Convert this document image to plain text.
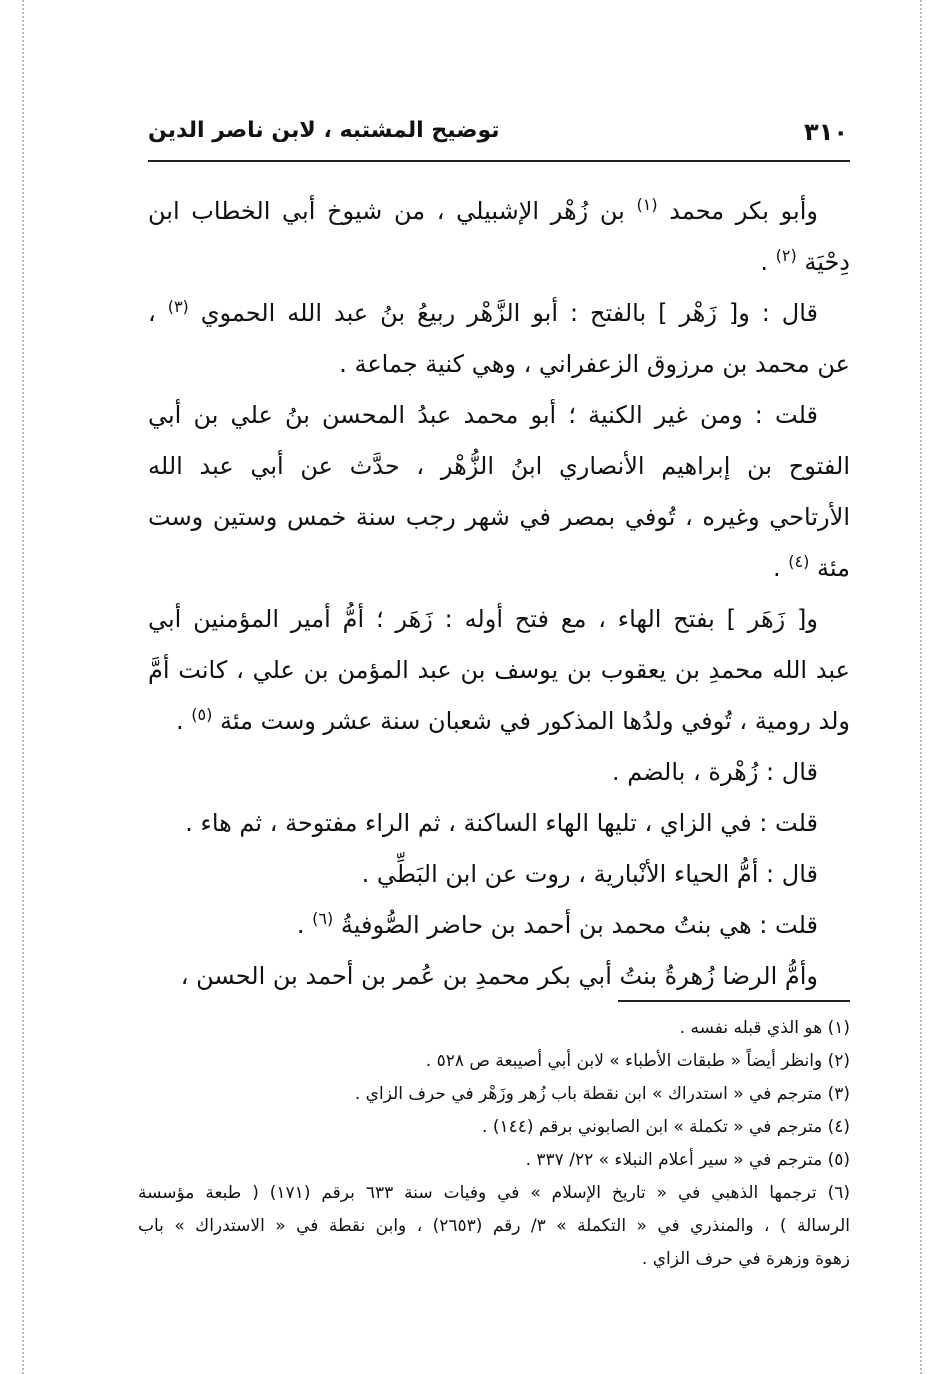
٣١٠
توضيح المشتبه ، لابن ناصر الدين
وأبو بكر محمد $^{(١)}$ بن زُهْر الإشبيلي ، من شيوخ أبي الخطاب ابن
دِحْيَة $^{(٢)}$ .
قال : و[ زَهْر ] بالفتح : أبو الزَّهْر ربيعُ بنُ عبد الله الحموي $^{(٣)}$ ،
عن محمد بن مرزوق الزعفراني ، وهي كنية جماعة .
قلت : ومن غير الكنية ؛ أبو محمد عبدُ المحسن بنُ علي بن أبي
الفتوح بن إبراهيم الأنصاري ابنُ الزُّهْر ، حدَّث عن أبي عبد الله
الأرتاحي وغيره ، تُوفي بمصر في شهر رجب سنة خمس وستين وست
مئة $^{(٤)}$ .
و[ زَهَر ] بفتح الهاء ، مع فتح أوله : زَهَر ؛ أمُّ أمير المؤمنين أبي
عبد الله محمدِ بن يعقوب بن يوسف بن عبد المؤمن بن علي ، كانت أمَّ
ولد رومية ، تُوفي ولدُها المذكور في شعبان سنة عشر وست مئة $^{(٥)}$ .
قال : زُهْرة ، بالضم .
قلت : في الزاي ، تليها الهاء الساكنة ، ثم الراء مفتوحة ، ثم هاء .
قال : أمُّ الحياء الأنْبارية ، روت عن ابن البَطِّي .
قلت : هي بنتُ محمد بن أحمد بن حاضر الصُّوفيةُ $^{(٦)}$ .
وأمُّ الرضا زُهرةُ بنتُ أبي بكر محمدِ بن عُمر بن أحمد بن الحسن ،
(١) هو الذي قبله نفسه .
(٢) وانظر أيضاً « طبقات الأطباء » لابن أبي أصيبعة ص ٥٢٨ .
(٣) مترجم في « استدراك » ابن نقطة باب زُهر وزَهْر في حرف الزاي .
(٤) مترجم في « تكملة » ابن الصابوني برقم (١٤٤) .
(٥) مترجم في « سير أعلام النبلاء » ٢٢/ ٣٣٧ .
(٦) ترجمها الذهبي في « تاريخ الإسلام » في وفيات سنة ٦٣٣ برقم (١٧١) ( طبعة مؤسسة
الرسالة ) ، والمنذري في « التكملة » ٣/ رقم (٢٦٥٣) ، وابن نقطة في « الاستدراك » باب
زهوة وزهرة في حرف الزاي .
